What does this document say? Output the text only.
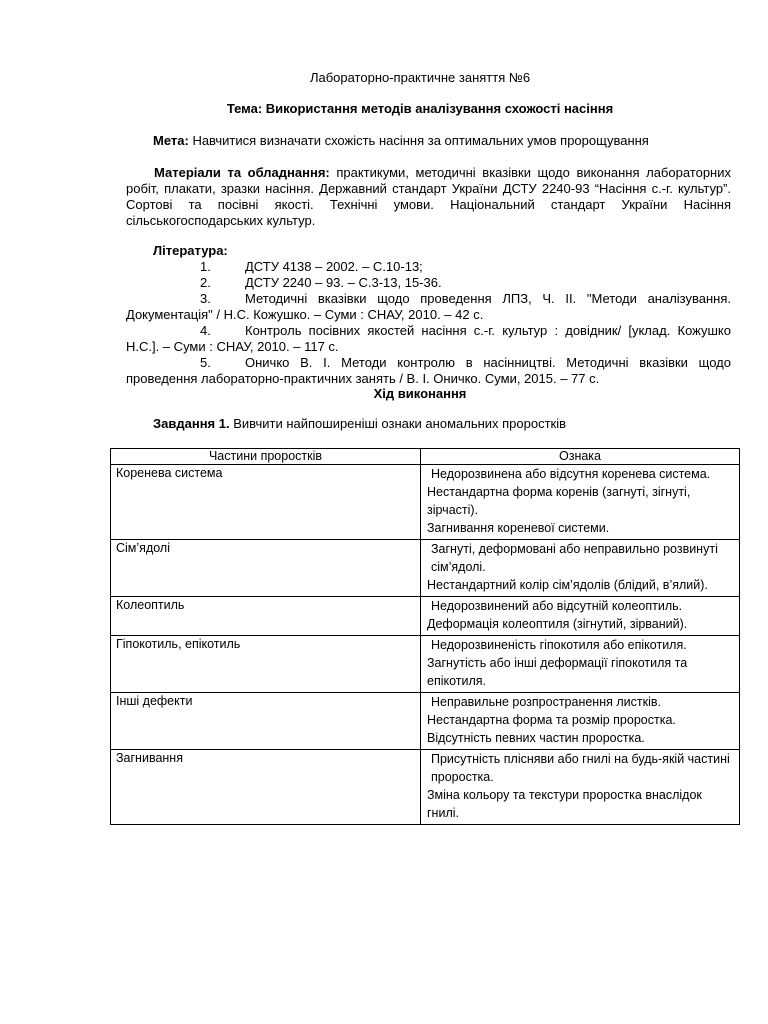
Лабораторно-практичне заняття №6
Тема: Використання методів аналізування схожості насіння
Мета: Навчитися визначати схожість насіння за оптимальних умов пророщування
Матеріали та обладнання: практикуми, методичні вказівки щодо виконання лабораторних робіт, плакати, зразки насіння. Державний стандарт України ДСТУ 2240-93 “Насіння с.-г. культур”. Сортові та посівні якості. Технічні умови. Національний стандарт України Насіння сільськогосподарських культур.
Література:
1.	ДСТУ 4138 – 2002. – С.10-13;
2.	ДСТУ 2240 – 93. – С.3-13, 15-36.
3.	Методичні вказівки щодо проведення ЛПЗ, Ч. ІІ. "Методи аналізування. Документація" / Н.С. Кожушко. – Суми : СНАУ, 2010. – 42 с.
4.	Контроль посівних якостей насіння с.-г. культур : довідник/ [уклад. Кожушко Н.С.]. – Суми : СНАУ, 2010. – 117 с.
5.	Оничко В. І. Методи контролю в насінництві. Методичні вказівки щодо проведення лабораторно-практичних занять / В. І. Оничко. Суми, 2015. – 77 с.
Хід виконання
Завдання 1. Вивчити найпоширеніші ознаки аномальних проростків
Частини проростків	Ознака
Коренева система	Недорозвинена або відсутня коренева система.
Нестандартна форма коренів (загнуті, зігнуті, зірчасті).
Загнивання кореневої системи.

Сім’ядолі	Загнуті, деформовані або неправильно розвинуті сім’ядолі.
Нестандартний колір сім’ядолів (блідий, в’ялий).

Колеоптиль	Недорозвинений або відсутній колеоптиль.
Деформація колеоптиля (зігнутий, зірваний).

Гіпокотиль, епікотиль	Недорозвиненість гіпокотиля або епікотиля.
Загнутість або інші деформації гіпокотиля та епікотиля.

Інші дефекти	Неправильне розпространення листків.
Нестандартна форма та розмір проростка.
Відсутність певних частин проростка.

Загнивання	Присутність плісняви або гнилі на будь-якій частині проростка.
Зміна кольору та текстури проростка внаслідок гнилі.
